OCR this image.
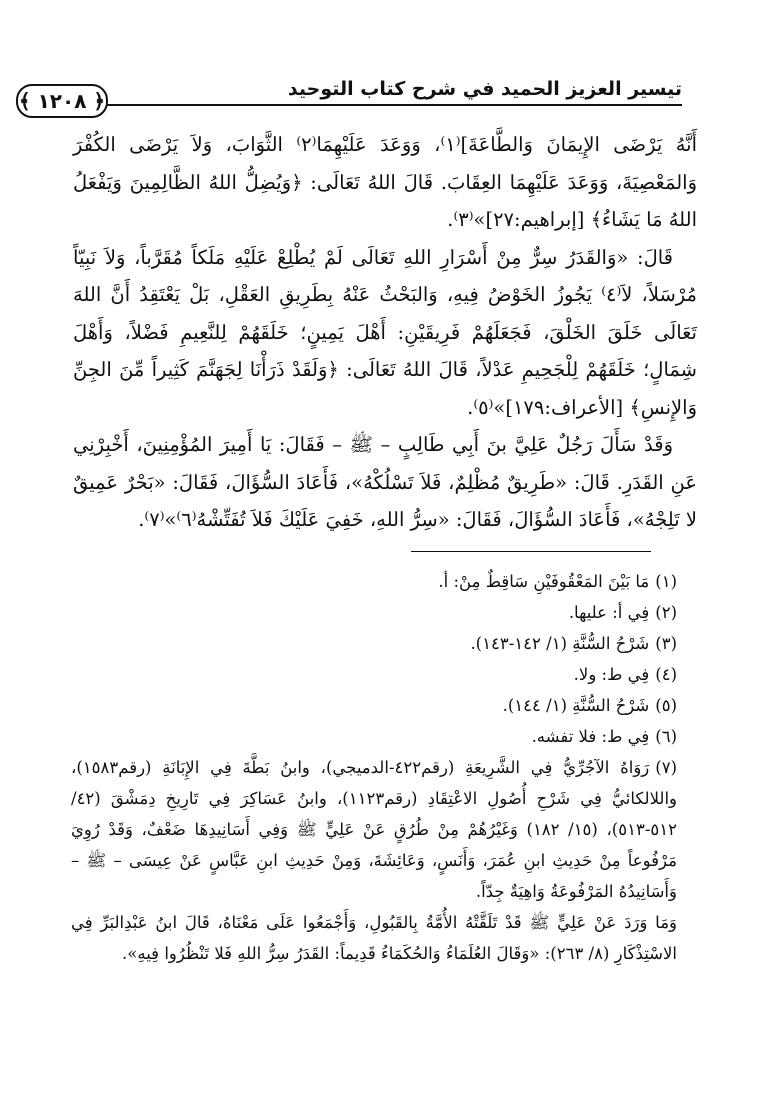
تيسير العزيز الحميد في شرح كتاب التوحيد
﴿ ١٢٠٨ ﴾

أَنَّهُ يَرْضَى الإِيمَانَ وَالطَّاعَةَ]⁽١⁾، وَوَعَدَ عَلَيْهِمَا⁽٢⁾ الثَّوَابَ، وَلاَ يَرْضَى الكُفْرَ وَالمَعْصِيَةَ، وَوَعَدَ عَلَيْهِمَا العِقَابَ. قَالَ اللهُ تَعَالَى: ﴿وَيُضِلُّ اللهُ الظَّالِمِينَ وَيَفْعَلُ اللهُ مَا يَشَاءُ﴾ [إبراهيم:٢٧]»⁽٣⁾.

قَالَ: «وَالقَدَرُ سِرٌّ مِنْ أَسْرَارِ اللهِ تَعَالَى لَمْ يُطْلِعْ عَلَيْهِ مَلَكاً مُقَرَّباً، وَلاَ نَبِيّاً مُرْسَلاً، لاَ⁽٤⁾ يَجُوزُ الخَوْضُ فِيهِ، وَالبَحْثُ عَنْهُ بِطَرِيقِ العَقْلِ، بَلْ يَعْتَقِدُ أَنَّ اللهَ تَعَالَى خَلَقَ الخَلْقَ، فَجَعَلَهُمْ فَرِيقَيْنِ: أَهْلَ يَمِينٍ؛ خَلَقَهُمْ لِلنَّعِيمِ فَضْلاً، وَأَهْلَ شِمَالٍ؛ خَلَقَهُمْ لِلْجَحِيمِ عَدْلاً، قَالَ اللهُ تَعَالَى: ﴿وَلَقَدْ ذَرَأْنَا لِجَهَنَّمَ كَثِيراً مِّنَ الجِنِّ وَالإِنسِ﴾ [الأعراف:١٧٩]»⁽٥⁾.

وَقَدْ سَأَلَ رَجُلٌ عَلِيَّ بنَ أَبِي طَالِبٍ – ﷺ – فَقَالَ: يَا أَمِيرَ المُؤْمِنِينَ، أَخْبِرْنِي عَنِ القَدَرِ. قَالَ: «طَرِيقٌ مُظْلِمٌ، فَلاَ تَسْلُكْهُ»، فَأَعَادَ السُّؤَالَ، فَقَالَ: «بَحْرٌ عَمِيقٌ لا تَلِجْهُ»، فَأَعَادَ السُّؤَالَ، فَقَالَ: «سِرُّ اللهِ، خَفِيَ عَلَيْكَ فَلاَ تُفَتِّشْهُ⁽٦⁾»⁽٧⁾.

(١)مَا بَيْنَ المَعْقُوفَيْنِ سَاقِطٌ مِنْ: أ.

(٢)فِي أ: عليها.

(٣)شَرْحُ السُّنَّةِ (١/ ١٤٢-١٤٣).

(٤)فِي ط: ولا.

(٥)شَرْحُ السُّنَّةِ (١/ ١٤٤).

(٦)فِي ط: فلا تفشه.

(٧)رَوَاهُ الآجُرِّيُّ فِي الشَّرِيعَةِ (رقم٤٢٢-الدميجي)، وابنُ بَطَّةَ فِي الإِبَانَةِ (رقم١٥٨٣)، واللالكائيُّ فِي شَرْحِ أُصُولِ الاعْتِقَادِ (رقم١١٢٣)، وابنُ عَسَاكِرَ فِي تَارِيخِ دِمَشْقَ (٤٢/ ٥١٢-٥١٣)، (١٥/ ١٨٢) وَغَيْرُهُمْ مِنْ طُرُقٍ عَنْ عَلِيٍّ ﷺ وَفِي أَسَانِيدِهَا ضَعْفٌ، وَقَدْ رُوِيَ مَرْفُوعاً مِنْ حَدِيثِ ابنِ عُمَرَ، وَأَنَسٍ، وَعَائِشَةَ، وَمِنْ حَدِيثِ ابنِ عَبَّاسٍ عَنْ عِيسَى – ﷺ – وَأَسَانِيدُهُ المَرْفُوعَةُ وَاهِيَةٌ جِدّاً.

وَمَا وَرَدَ عَنْ عَلِيٍّ ﷺ قَدْ تَلَقَّتْهُ الأُمَّةُ بِالقَبُولِ، وَأَجْمَعُوا عَلَى مَعْنَاهُ، قَالَ ابنُ عَبْدِالبَرِّ فِي الاسْتِذْكَارِ (٨/ ٢٦٣): «وَقَالَ العُلَمَاءُ وَالحُكَمَاءُ قَدِيماً: القَدَرُ سِرُّ اللهِ فَلا تَنْظُرُوا فِيهِ».
